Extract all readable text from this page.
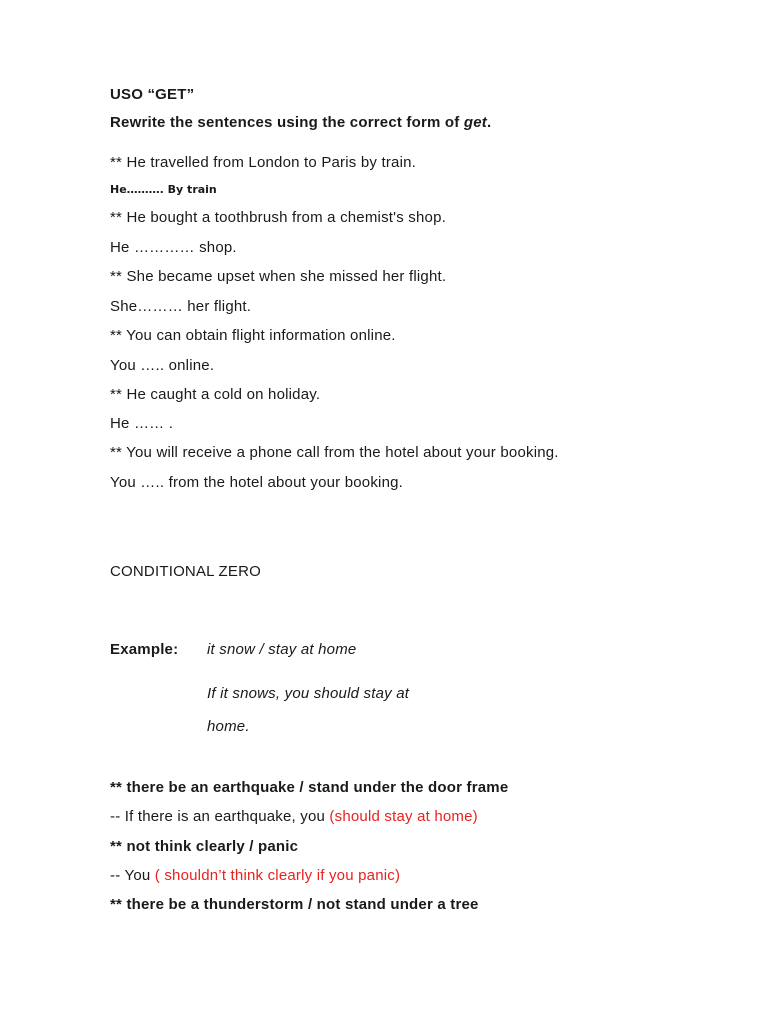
USO “GET”
Rewrite the sentences using the correct form of get.
** He travelled from London to Paris by train.
He………. By train
** He bought a toothbrush from a chemist's shop.
He ………… shop.
** She became upset when she missed her flight.
She……… her flight.
** You can obtain flight information online.
You ….. online.
** He caught a cold on holiday.
He …… .
** You will receive a phone call from the hotel about your booking.
You ….. from the hotel about your booking.
CONDITIONAL ZERO
Example: it snow / stay at home
If it snows, you should stay at
home.
** there be an earthquake / stand under the door frame
-- If there is an earthquake, you (should stay at home)
** not think clearly / panic
-- You ( shouldn’t think clearly if you panic)
** there be a thunderstorm / not stand under a tree
